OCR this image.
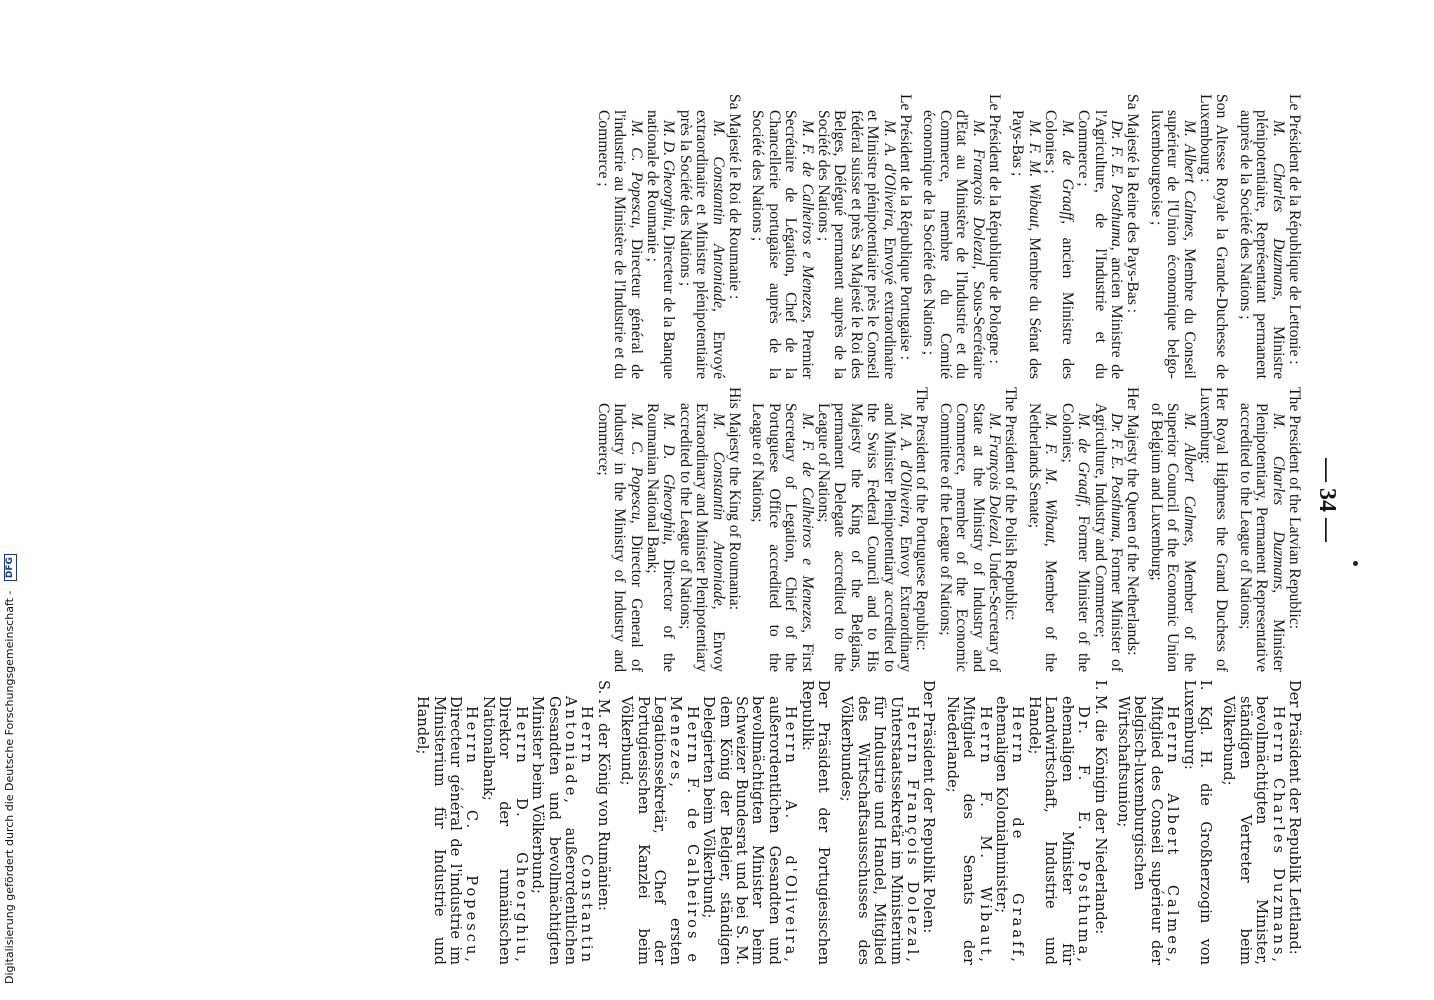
— 34 —

Le Président de la République de Lettonie :

M. Charles Duzmans, Ministre plénipotentiaire, Représentant permanent auprès de la Société des Nations ;

Son Altesse Royale la Grande-Duchesse de Luxembourg :

M. Albert Calmes, Membre du Conseil supérieur de l'Union économique belgo-luxembourgeoise ;

Sa Majesté la Reine des Pays-Bas :

Dr. F. E. Posthuma, ancien Ministre de l'Agriculture, de l'Industrie et du Commerce ;

M. de Graaff, ancien Ministre des Colonies ;

M. F. M. Wibaut, Membre du Sénat des Pays-Bas ;

Le Président de la République de Pologne :

M. François Dolezal, Sous-Secrétaire d'Etat au Ministère de l'Industrie et du Commerce, membre du Comité économique de la Société des Nations ;

Le Président de la République Portugaise :

M. A. d'Oliveira, Envoyé extraordinaire et Ministre plénipotentiaire près le Conseil fédéral suisse et près Sa Majesté le Roi des Belges, Délégué permanent auprès de la Société des Nations ;

M. F. de Calheiros e Menezes, Premier Secrétaire de Légation, Chef de la Chancellerie portugaise auprès de la Société des Nations ;

Sa Majesté le Roi de Roumanie :

M. Constantin Antoniade, Envoyé extraordinaire et Ministre plénipotentiaire près la Société des Nations ;

M. D. Gheorghiu, Directeur de la Banque nationale de Roumanie ;

M. C. Popescu, Directeur général de l'industrie au Ministère de l'Industrie et du Commerce ;

The President of the Latvian Republic:

M. Charles Duzmans, Minister Plenipotentiary, Permanent Representative accredited to the League of Nations;

Her Royal Highness the Grand Duchess of Luxemburg:

M. Albert Calmes, Member of the Superior Council of the Economic Union of Belgium and Luxemburg;

Her Majesty the Queen of the Netherlands:

Dr. F. E. Posthuma, Former Minister of Agriculture, Industry and Commerce;

M. de Graaff, Former Minister of the Colonies;

M. F. M. Wibaut, Member of the Netherlands Senate;

The President of the Polish Republic:

M. François Dolezal, Under-Secretary of State at the Ministry of Industry and Commerce, member of the Economic Committee of the League of Nations;

The President of the Portuguese Republic:

M. A. d'Oliveira, Envoy Extraordinary and Minister Plenipotentiary accredited to the Swiss Federal Council and to His Majesty the King of the Belgians, permanent Delegate accredited to the League of Nations;

M. F. de Calheiros e Menezes, First Secretary of Legation, Chief of the Portuguese Office accredited to the League of Nations;

His Majesty the King of Roumania:

M. Constantin Antoniade, Envoy Extraordinary and Minister Plenipotentiary accredited to the League of Nations;

M. D. Gheorghiu, Director of the Roumanian National Bank;

M. C. Popescu, Director General of Industry in the Ministry of Industry and Commerce;

Der Präsident der Republik Lettland:

Herrn Charles Duzmans, bevollmächtigten Minister, ständigen Vertreter beim Völkerbund;

I. Kgl. H. die Großherzogin von Luxemburg:

Herrn Albert Calmes, Mitglied des Conseil supérieur der belgisch-luxemburgischen Wirtschaftsunion;

I. M. die Königin der Niederlande:

Dr. F. E. Posthuma, ehemaligen Minister für Landwirtschaft, Industrie und Handel;

Herrn de Graaff, ehemaligen Kolonialminister;

Herrn F. M. Wibaut, Mitglied des Senats der Niederlande;

Der Präsident der Republik Polen:

Herrn François Dolezal, Unterstaatssekretär im Ministerium für Industrie und Handel, Mitglied des Wirtschaftsausschusses des Völkerbundes;

Der Präsident der Portugiesischen Republik:

Herrn A. d'Oliveira, außerordentlichen Gesandten und bevollmächtigten Minister beim Schweizer Bundesrat und bei S. M. dem König der Belgier, ständigen Delegierten beim Völkerbund;

Herrn F. de Calheiros e Menezes, ersten Legationssekretär, Chef der Portugiesischen Kanzlei beim Völkerbund;

S. M. der König von Rumänien:

Herrn Constantin Antoniade, außerordentlichen Gesandten und bevollmächtigten Minister beim Völkerbund;

Herrn D. Gheorghiu, Direktor der rumänischen Nationalbank;

Herrn C. Popescu, Directeur général de l'industrie im Ministerium für Industrie und Handel;

Digitalisierung gefördert durch die Deutsche Forschungsgemeinschaft - DFG
